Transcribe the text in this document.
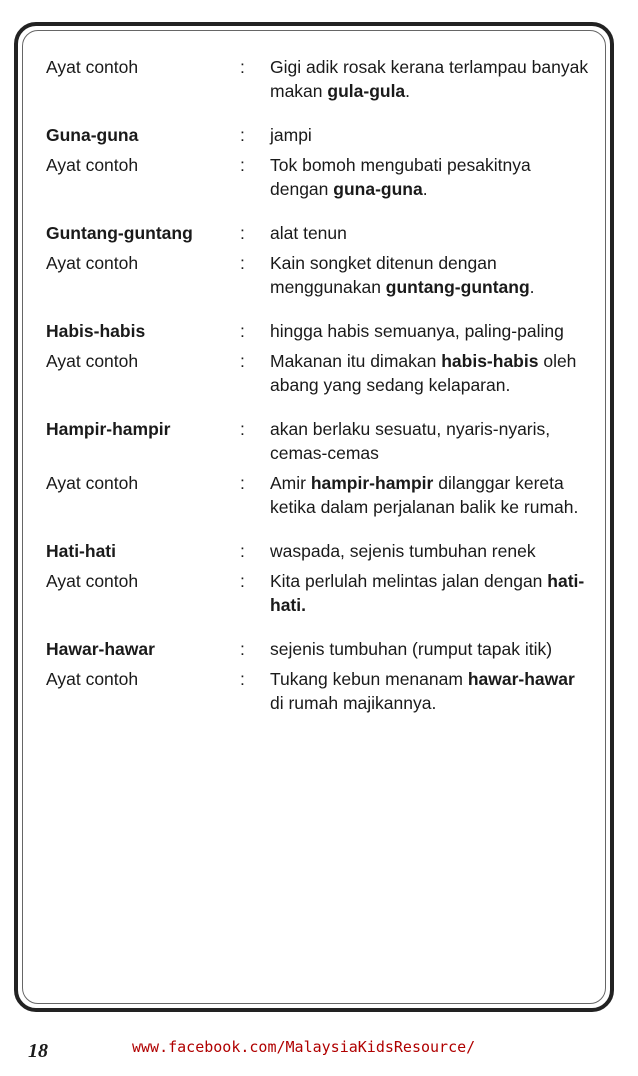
Ayat contoh	:	Gigi adik rosak kerana terlampau banyak makan gula-gula.
Guna-guna	:	jampi
Ayat contoh	:	Tok bomoh mengubati pesakitnya dengan guna-guna.
Guntang-guntang	:	alat tenun
Ayat contoh	:	Kain songket ditenun dengan menggunakan guntang-guntang.
Habis-habis	:	hingga habis semuanya, paling-paling
Ayat contoh	:	Makanan itu dimakan habis-habis oleh abang yang sedang kelaparan.
Hampir-hampir	:	akan berlaku sesuatu, nyaris-nyaris, cemas-cemas
Ayat contoh	:	Amir hampir-hampir dilanggar kereta ketika dalam perjalanan balik ke rumah.
Hati-hati	:	waspada, sejenis tumbuhan renek
Ayat contoh	:	Kita perlulah melintas jalan dengan hati-hati.
Hawar-hawar	:	sejenis tumbuhan (rumput tapak itik)
Ayat contoh	:	Tukang kebun menanam hawar-hawar di rumah majikannya.
18	www.facebook.com/MalaysiaKidsResource/
